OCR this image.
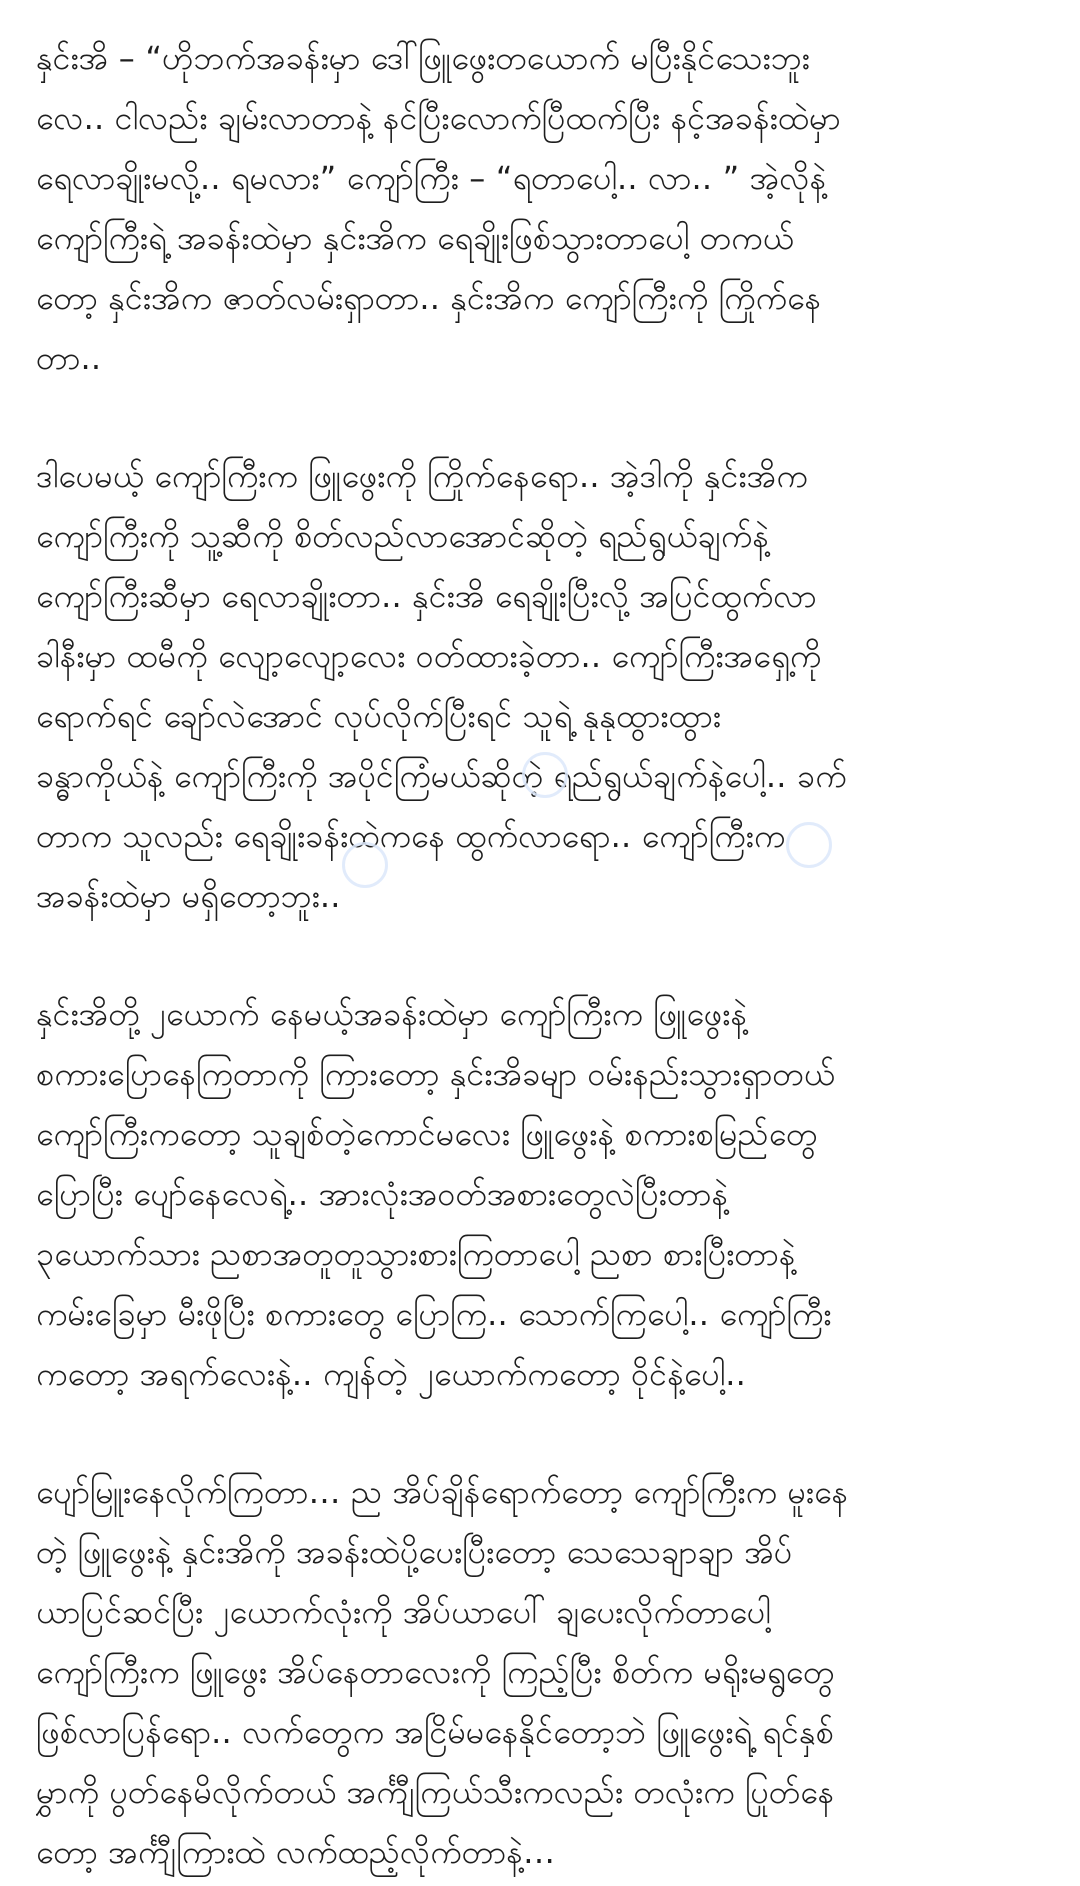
နှင်းအိ – “ဟိုဘက်အခန်းမှာ ဒေါ်ဖြူဖွေးတယောက် မပြီးနိုင်သေးဘူး
လေ.. ငါလည်း ချမ်းလာတာနဲ့ နင်ပြီးလောက်ပြီထက်ပြီး နင့်အခန်းထဲမှာ
ရေလာချိုးမလို့.. ရမလား” ကျော်ကြီး – “ရတာပေါ့.. လာ.. ” အဲ့လိုနဲ့
ကျော်ကြီးရဲ့ အခန်းထဲမှာ နှင်းအိက ရေချိုးဖြစ်သွားတာပေါ့ တကယ်
တော့ နှင်းအိက ဇာတ်လမ်းရှာတာ.. နှင်းအိက ကျော်ကြီးကို ကြိုက်နေ
တာ..
ဒါပေမယ့် ကျော်ကြီးက ဖြူဖွေးကို ကြိုက်နေရော.. အဲ့ဒါကို နှင်းအိက
ကျော်ကြီးကို သူ့ဆီကို စိတ်လည်လာအောင်ဆိုတဲ့ ရည်ရွယ်ချက်နဲ့
ကျော်ကြီးဆီမှာ ရေလာချိုးတာ.. နှင်းအိ ရေချိုးပြီးလို့ အပြင်ထွက်လာ
ခါနီးမှာ ထမီကို လျော့လျော့လေး ဝတ်ထားခဲ့တာ.. ကျော်ကြီးအရှေ့ကို
ရောက်ရင် ချော်လဲအောင် လုပ်လိုက်ပြီးရင် သူရဲ့ နုနုထွားထွား
ခန္ဓာကိုယ်နဲ့ ကျော်ကြီးကို အပိုင်ကြံမယ်ဆိုတဲ့ ရည်ရွယ်ချက်နဲ့ပေါ့.. ခက်
တာက သူလည်း ရေချိုးခန်းထဲကနေ ထွက်လာရော.. ကျော်ကြီးက
အခန်းထဲမှာ မရှိတော့ဘူး..
နှင်းအိတို့ ၂ယောက် နေမယ့်အခန်းထဲမှာ ကျော်ကြီးက ဖြူဖွေးနဲ့
စကားပြောနေကြတာကို ကြားတော့ နှင်းအိခမျာ ဝမ်းနည်းသွားရှာတယ်
ကျော်ကြီးကတော့ သူချစ်တဲ့ကောင်မလေး ဖြူဖွေးနဲ့ စကားစမြည်တွေ
ပြောပြီး ပျော်နေလေရဲ့.. အားလုံးအဝတ်အစားတွေလဲပြီးတာနဲ့
၃ယောက်သား ညစာအတူတူသွားစားကြတာပေါ့ ညစာ စားပြီးတာနဲ့
ကမ်းခြေမှာ မီးဖိုပြီး စကားတွေ ပြောကြ.. သောက်ကြပေါ့.. ကျော်ကြီး
ကတော့ အရက်လေးနဲ့.. ကျန်တဲ့ ၂ယောက်ကတော့ ဝိုင်နဲ့ပေါ့..
ပျော်မြူးနေလိုက်ကြတာ… ည အိပ်ချိန်ရောက်တော့ ကျော်ကြီးက မူးနေ
တဲ့ ဖြူဖွေးနဲ့ နှင်းအိကို အခန်းထဲပို့ပေးပြီးတော့ သေသေချာချာ အိပ်
ယာပြင်ဆင်ပြီး ၂ယောက်လုံးကို အိပ်ယာပေါ် ချပေးလိုက်တာပေါ့
ကျော်ကြီးက ဖြူဖွေး အိပ်နေတာလေးကို ကြည့်ပြီး စိတ်က မရိုးမရွတွေ
ဖြစ်လာပြန်ရော.. လက်တွေက အငြိမ်မနေနိုင်တော့ဘဲ ဖြူဖွေးရဲ့ ရင်နှစ်
မွှာကို ပွတ်နေမိလိုက်တယ် အင်္ကျီကြယ်သီးကလည်း တလုံးက ပြုတ်နေ
တော့ အင်္ကျီကြားထဲ လက်ထည့်လိုက်တာနဲ့…
